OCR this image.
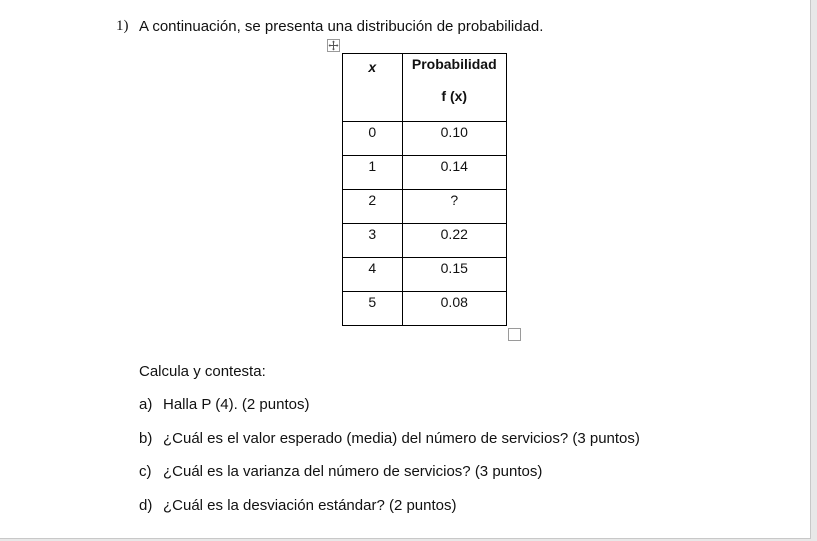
1) A continuación, se presenta una distribución de probabilidad.
x	Probabilidad
f (x)

0	0.10

1	0.14

2	?

3	0.22

4	0.15

5	0.08
Calcula y contesta:
a) Halla P (4). (2 puntos)
b) ¿Cuál es el valor esperado (media) del número de servicios? (3 puntos)
c) ¿Cuál es la varianza del número de servicios? (3 puntos)
d) ¿Cuál es la desviación estándar? (2 puntos)
